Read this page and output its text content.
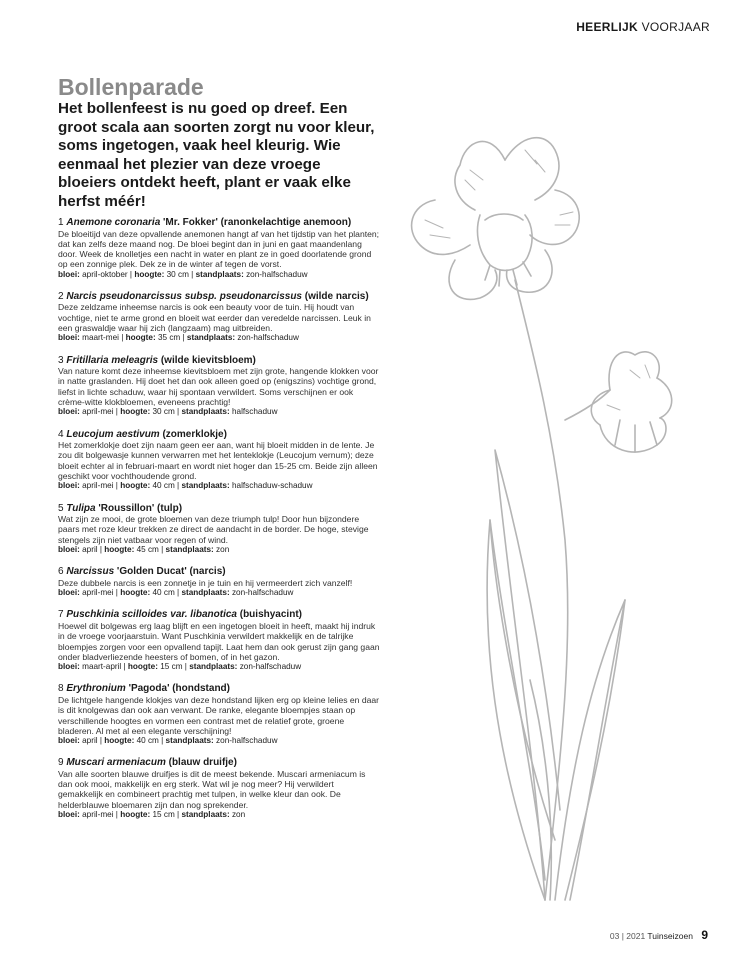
HEERLIJK VOORJAAR
Bollenparade

Het bollenfeest is nu goed op dreef. Een groot scala aan soorten zorgt nu voor kleur, soms ingetogen, vaak heel kleurig. Wie eenmaal het plezier van deze vroege bloeiers ontdekt heeft, plant er vaak elke herfst méér!

1 Anemone coronaria 'Mr. Fokker' (ranonkelachtige anemoon)
De bloeitijd van deze opvallende anemonen hangt af van het tijdstip van het planten; dat kan zelfs deze maand nog. De bloei begint dan in juni en gaat maandenlang door. Week de knolletjes een nacht in water en plant ze in goed doorlatende grond op een zonnige plek. Dek ze in de winter af tegen de vorst.
bloei: april-oktober | hoogte: 30 cm | standplaats: zon-halfschaduw
2 Narcis pseudonarcissus subsp. pseudonarcissus (wilde narcis)
Deze zeldzame inheemse narcis is ook een beauty voor de tuin. Hij houdt van vochtige, niet te arme grond en bloeit wat eerder dan veredelde narcissen. Leuk in een graswaldje waar hij zich (langzaam) mag uitbreiden.
bloei: maart-mei | hoogte: 35 cm | standplaats: zon-halfschaduw
3 Fritillaria meleagris (wilde kievitsbloem)
Van nature komt deze inheemse kievitsbloem met zijn grote, hangende klokken voor in natte graslanden. Hij doet het dan ook alleen goed op (enigszins) vochtige grond, liefst in lichte schaduw, waar hij spontaan verwildert. Soms verschijnen er ook crème-witte klokbloemen, eveneens prachtig!
bloei: april-mei | hoogte: 30 cm | standplaats: halfschaduw
4 Leucojum aestivum (zomerklokje)
Het zomerklokje doet zijn naam geen eer aan, want hij bloeit midden in de lente. Je zou dit bolgewasje kunnen verwarren met het lenteklokje (Leucojum vernum); deze bloeit echter al in februari-maart en wordt niet hoger dan 15-25 cm. Beide zijn alleen geschikt voor vochthoudende grond.
bloei: april-mei | hoogte: 40 cm | standplaats: halfschaduw-schaduw
5 Tulipa 'Roussillon' (tulp)
Wat zijn ze mooi, de grote bloemen van deze triumph tulp! Door hun bijzondere paars met roze kleur trekken ze direct de aandacht in de border. De hoge, stevige stengels zijn niet vatbaar voor regen of wind.
bloei: april | hoogte: 45 cm | standplaats: zon
6 Narcissus 'Golden Ducat' (narcis)
Deze dubbele narcis is een zonnetje in je tuin en hij vermeerdert zich vanzelf!
bloei: april-mei | hoogte: 40 cm | standplaats: zon-halfschaduw
7 Puschkinia scilloides var. libanotica (buishyacint)
Hoewel dit bolgewas erg laag blijft en een ingetogen bloeit in heeft, maakt hij indruk in de vroege voorjaarstuin. Want Puschkinia verwildert makkelijk en de talrijke bloempjes zorgen voor een opvallend tapijt. Laat hem dan ook gerust zijn gang gaan onder bladverliezende heesters of bomen, of in het gazon.
bloei: maart-april | hoogte: 15 cm | standplaats: zon-halfschaduw
8 Erythronium 'Pagoda' (hondstand)
De lichtgele hangende klokjes van deze hondstand lijken erg op kleine lelies en daar is dit knolgewas dan ook aan verwant. De ranke, elegante bloempjes staan op verschillende hoogtes en vormen een contrast met de relatief grote, groene bladeren. Al met al een elegante verschijning!
bloei: april | hoogte: 40 cm | standplaats: zon-halfschaduw
9 Muscari armeniacum (blauw druifje)
Van alle soorten blauwe druifjes is dit de meest bekende. Muscari armeniacum is dan ook mooi, makkelijk en erg sterk. Wat wil je nog meer? Hij verwildert gemakkelijk en combineert prachtig met tulpen, in welke kleur dan ook. De helderblauwe bloemaren zijn dan nog sprekender.
bloei: april-mei | hoogte: 15 cm | standplaats: zon
03 | 2021 Tuinseizoen 9
